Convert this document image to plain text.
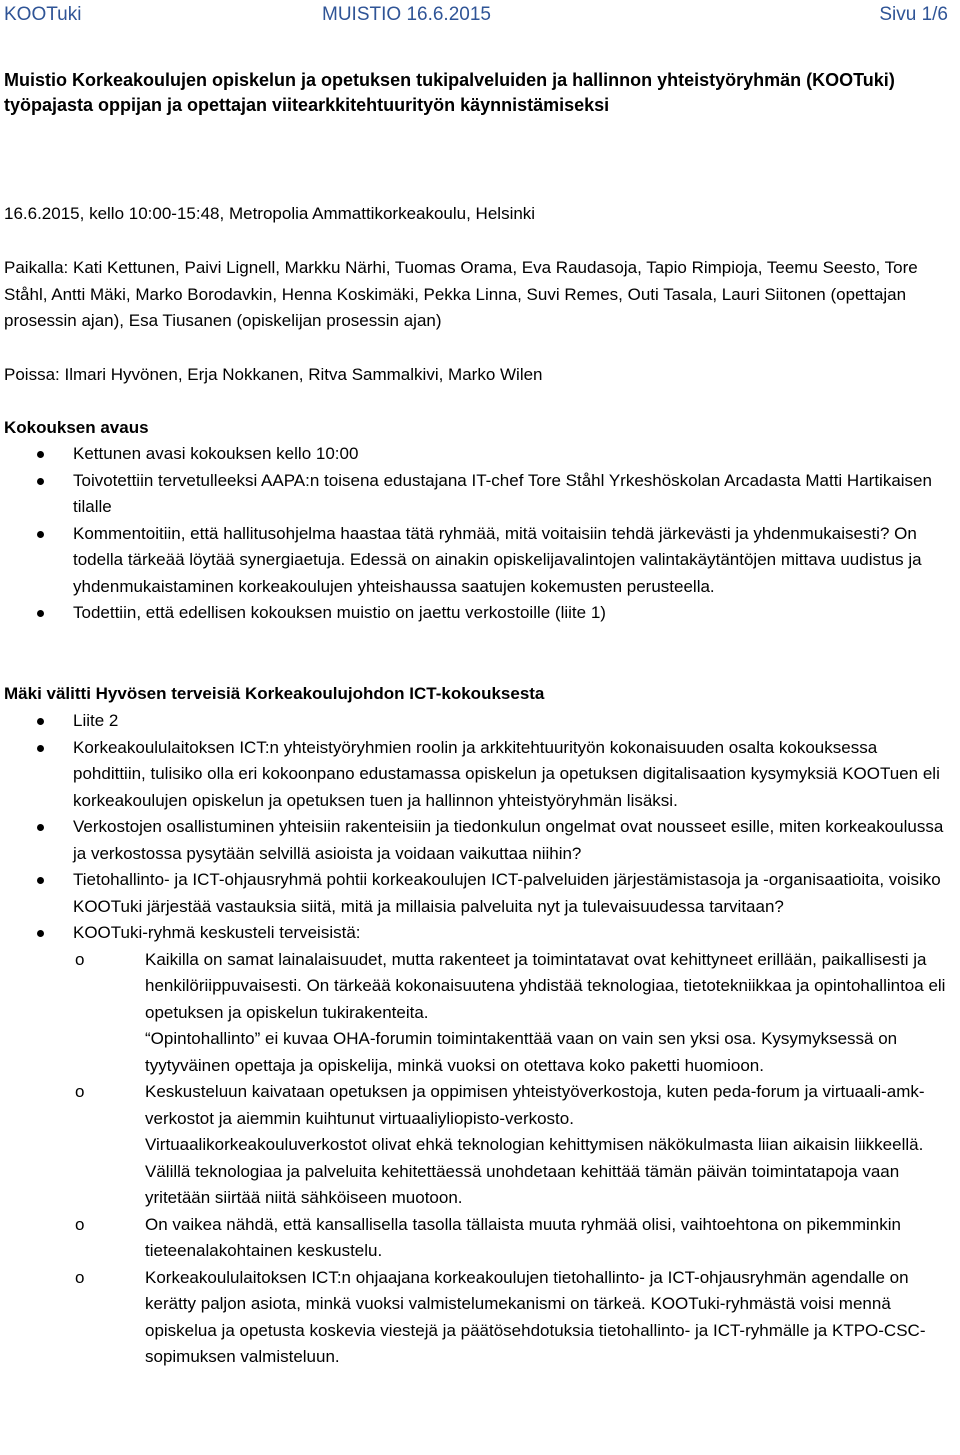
KOOTuki	MUISTIO 16.6.2015	Sivu 1/6
Muistio Korkeakoulujen opiskelun ja opetuksen tukipalveluiden ja hallinnon yhteistyöryhmän (KOOTuki) työpajasta oppijan ja opettajan viitearkkitehtuurityön käynnistämiseksi
16.6.2015, kello 10:00-15:48, Metropolia Ammattikorkeakoulu, Helsinki
Paikalla: Kati Kettunen, Paivi Lignell, Markku Närhi, Tuomas Orama, Eva Raudasoja, Tapio Rimpioja, Teemu Seesto, Tore Ståhl, Antti Mäki, Marko Borodavkin, Henna Koskimäki, Pekka Linna, Suvi Remes, Outi Tasala, Lauri Siitonen (opettajan prosessin ajan), Esa Tiusanen (opiskelijan prosessin ajan)
Poissa: Ilmari Hyvönen, Erja Nokkanen, Ritva Sammalkivi, Marko Wilen
Kokouksen avaus
Kettunen avasi kokouksen kello 10:00
Toivotettiin tervetulleeksi AAPA:n toisena edustajana IT-chef Tore Ståhl Yrkeshöskolan Arcadasta Matti Hartikaisen tilalle
Kommentoitiin, että hallitusohjelma haastaa tätä ryhmää, mitä voitaisiin tehdä järkevästi ja yhdenmukaisesti? On todella tärkeää löytää synergiaetuja. Edessä on ainakin opiskelijavalintojen valintakäytäntöjen mittava uudistus ja yhdenmukaistaminen korkeakoulujen yhteishaussa saatujen kokemusten perusteella.
Todettiin, että edellisen kokouksen muistio on jaettu verkostoille (liite 1)
Mäki välitti Hyvösen terveisiä Korkeakoulujohdon ICT-kokouksesta
Liite 2
Korkeakoululaitoksen ICT:n yhteistyöryhmien roolin ja arkkitehtuurityön kokonaisuuden osalta kokouksessa pohdittiin, tulisiko olla eri kokoonpano edustamassa opiskelun ja opetuksen digitalisaation kysymyksiä KOOTuen eli korkeakoulujen opiskelun ja opetuksen tuen ja hallinnon yhteistyöryhmän lisäksi.
Verkostojen osallistuminen yhteisiin rakenteisiin ja tiedonkulun ongelmat ovat nousseet esille, miten korkeakoulussa ja verkostossa pysytään selvillä asioista ja voidaan vaikuttaa niihin?
Tietohallinto- ja ICT-ohjausryhmä pohtii korkeakoulujen ICT-palveluiden järjestämistasoja ja -organisaatioita, voisiko KOOTuki järjestää vastauksia siitä, mitä ja millaisia palveluita nyt ja tulevaisuudessa tarvitaan?
KOOTuki-ryhmä keskusteli terveisistä:
o	Kaikilla on samat lainalaisuudet, mutta rakenteet ja toimintatavat ovat kehittyneet erillään, paikallisesti ja henkilöriippuvaisesti. On tärkeää kokonaisuutena yhdistää teknologiaa, tietotekniikkaa ja opintohallintoa eli opetuksen ja opiskelun tukirakenteita.
“Opintohallinto” ei kuvaa OHA-forumin toimintakenttää vaan on vain sen yksi osa. Kysymyksessä on tyytyväinen opettaja ja opiskelija, minkä vuoksi on otettava koko paketti huomioon.
o	Keskusteluun kaivataan opetuksen ja oppimisen yhteistyöverkostoja, kuten peda-forum ja virtuaali-amk-verkostot ja aiemmin kuihtunut virtuaaliyliopisto-verkosto.
Virtuaalikorkeakouluverkostot olivat ehkä teknologian kehittymisen näkökulmasta liian aikaisin liikkeellä. Välillä teknologiaa ja palveluita kehitettäessä unohdetaan kehittää tämän päivän toimintatapoja vaan yritetään siirtää niitä sähköiseen muotoon.
o	On vaikea nähdä, että kansallisella tasolla tällaista muuta ryhmää olisi, vaihtoehtona on pikemminkin tieteenalakohtainen keskustelu.
o	Korkeakoululaitoksen ICT:n ohjaajana korkeakoulujen tietohallinto- ja ICT-ohjausryhmän agendalle on kerätty paljon asiota, minkä vuoksi valmistelumekanismi on tärkeä. KOOTuki-ryhmästä voisi mennä opiskelua ja opetusta koskevia viestejä ja päätösehdotuksia tietohallinto- ja ICT-ryhmälle ja KTPO-CSC-sopimuksen valmisteluun.
